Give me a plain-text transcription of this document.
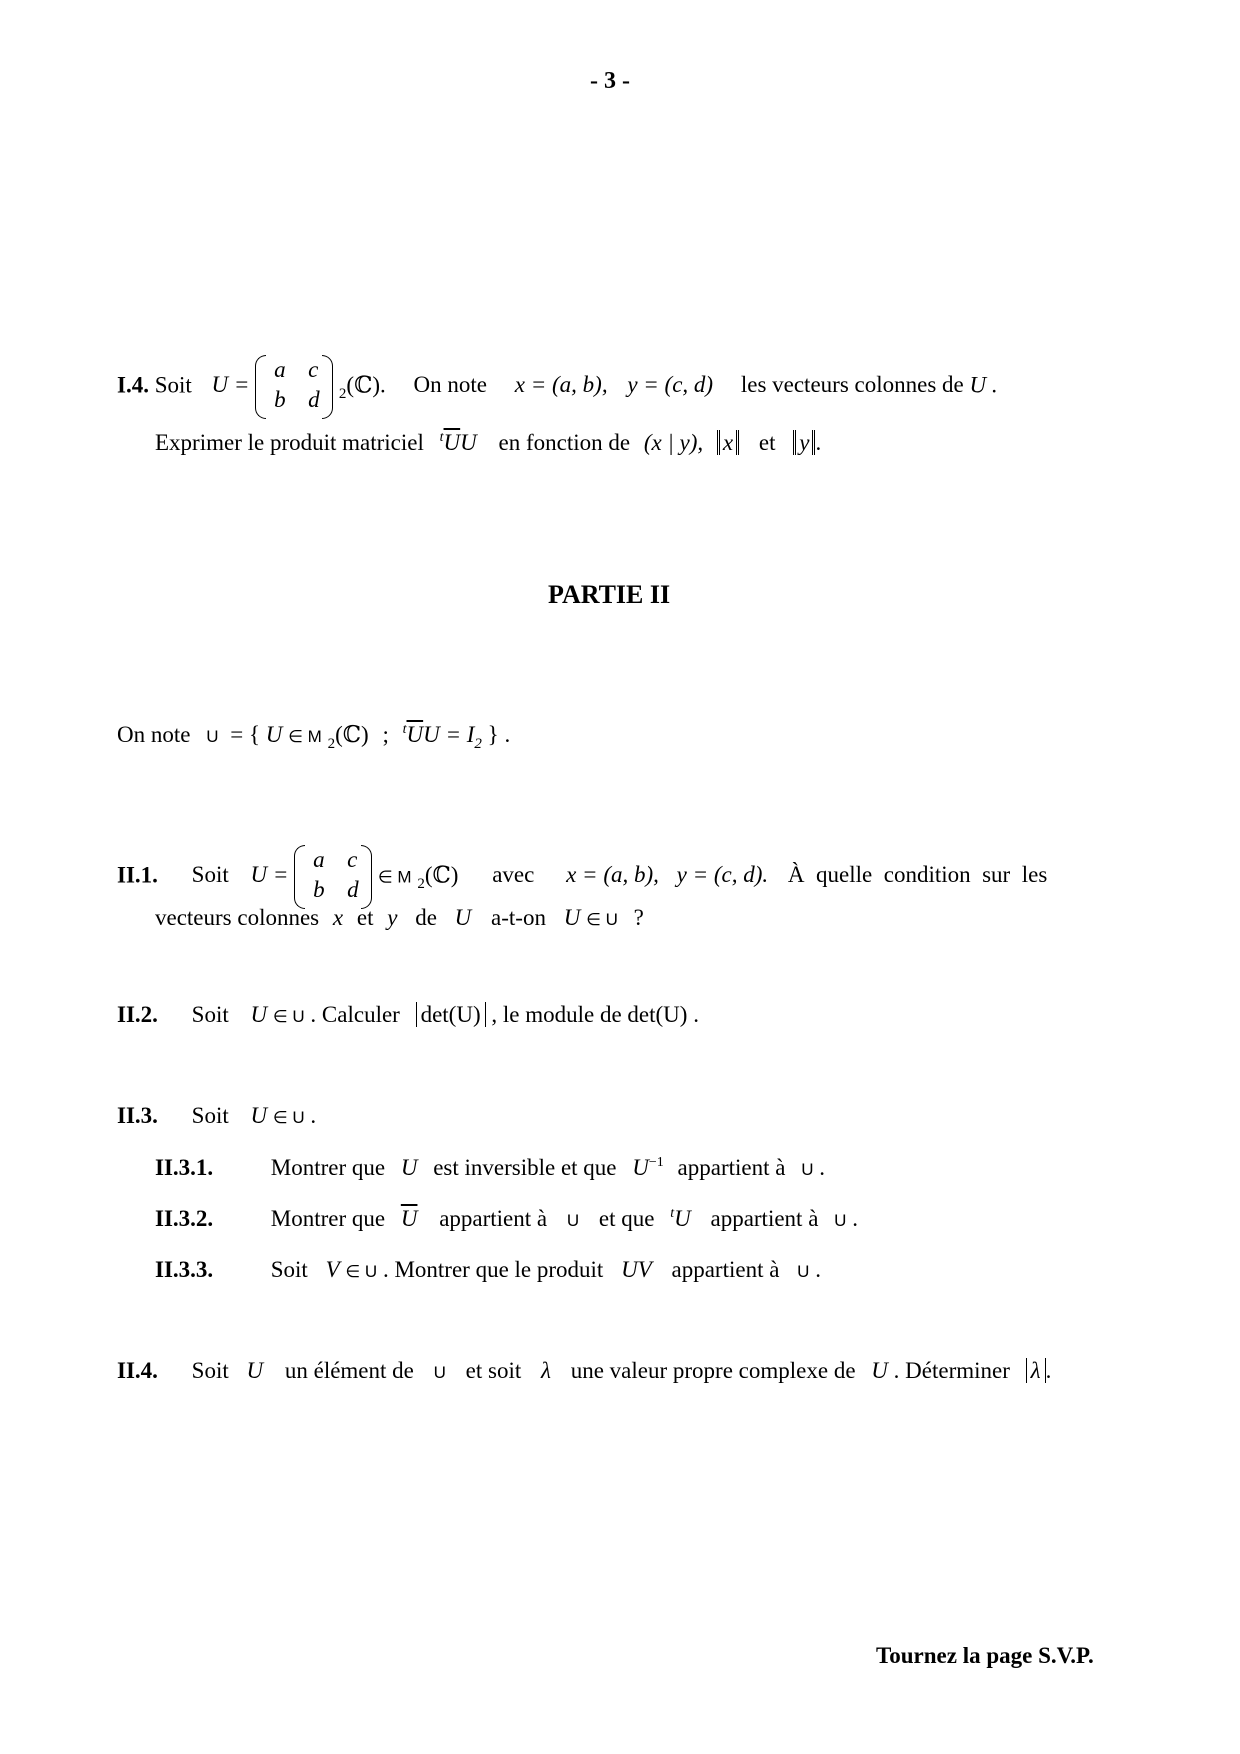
- 3 -
I.4. Soit U =
a c
b d $_2$(ℂ). On note x = (a, b), y = (c, d) les vecteurs colonnes de U .
Exprimer le produit matriciel $^t\overline{U}U$ en fonction de (x | y), x et y .
PARTIE II
On note U = { U ∈ M $_2$(ℂ) ; $^t\overline{U}U = I_2$ } .
II.1. Soit U =
a c
b d
∈ M $_2$(ℂ) avec x = (a, b), y = (c, d). À  quelle  condition  sur  les
vecteurs colonnes x et y de U a-t-on U ∈ U ?
II.2. Soit U ∈ U . Calculer det(U) , le module de det(U) .
II.3. Soit U ∈ U .
II.3.1.	Montrer que U est inversible et que $U^{-1}$ appartient à U .
II.3.2.	Montrer que $\overline{U}$ appartient à U et que $^t$U appartient à U .
II.3.3.	Soit V ∈ U . Montrer que le produit UV appartient à U .
II.4. Soit U un élément de U et soit λ une valeur propre complexe de U . Déterminer λ .
Tournez la page S.V.P.
